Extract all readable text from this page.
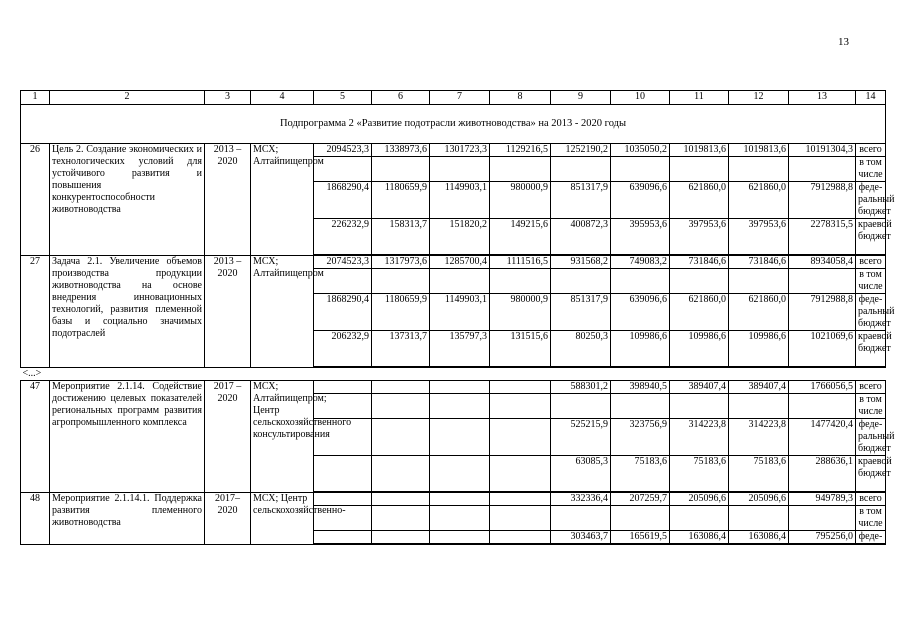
13
1	2	3	4	5	6	7	8	9	10	11	12	13	14
Подпрограмма 2 «Развитие подотрасли животноводства» на 2013 - 2020 годы													
26	Цель 2. Создание экономических и технологических условий для устойчивого развития и повышения конкурентоспособности животноводства	2013 – 2020	МСХ; Алтайпищепром	2094523,3	1338973,6	1301723,3	1129216,5	1252190,2	1035050,2	1019813,6	1019813,6	10191304,3	всего
													в том числе
				1868290,4	1180659,9	1149903,1	980000,9	851317,9	639096,6	621860,0	621860,0	7912988,8	феде-ральный бюджет
				226232,9	158313,7	151820,2	149215,6	400872,3	395953,6	397953,6	397953,6	2278315,5	краевой бюджет

27	Задача 2.1. Увеличение объемов производства продукции животноводства на основе внедрения инновационных технологий, развития племенной базы и социально значимых подотраслей	2013 – 2020	МСХ; Алтайпищепром	2074523,3	1317973,6	1285700,4	1111516,5	931568,2	749083,2	731846,6	731846,6	8934058,4	всего
													в том числе
				1868290,4	1180659,9	1149903,1	980000,9	851317,9	639096,6	621860,0	621860,0	7912988,8	феде-ральный бюджет
				206232,9	137313,7	135797,3	131515,6	80250,3	109986,6	109986,6	109986,6	1021069,6	краевой бюджет

<...>													
47	Мероприятие 2.1.14. Содействие достижению целевых показателей региональных программ развития агропромышленного комплекса	2017 – 2020	МСХ; Алтайпищепром; Центр сельскохозяйственного консультирования					588301,2	398940,5	389407,4	389407,4	1766056,5	всего
													в том числе
								525215,9	323756,9	314223,8	314223,8	1477420,4	феде-ральный бюджет
								63085,3	75183,6	75183,6	75183,6	288636,1	краевой бюджет

48	Мероприятие 2.1.14.1. Поддержка развития племенного животноводства	2017– 2020	МСХ; Центр сельскохозяйственно-					332336,4	207259,7	205096,6	205096,6	949789,3	всего
													в том числе
								303463,7	165619,5	163086,4	163086,4	795256,0	феде-
